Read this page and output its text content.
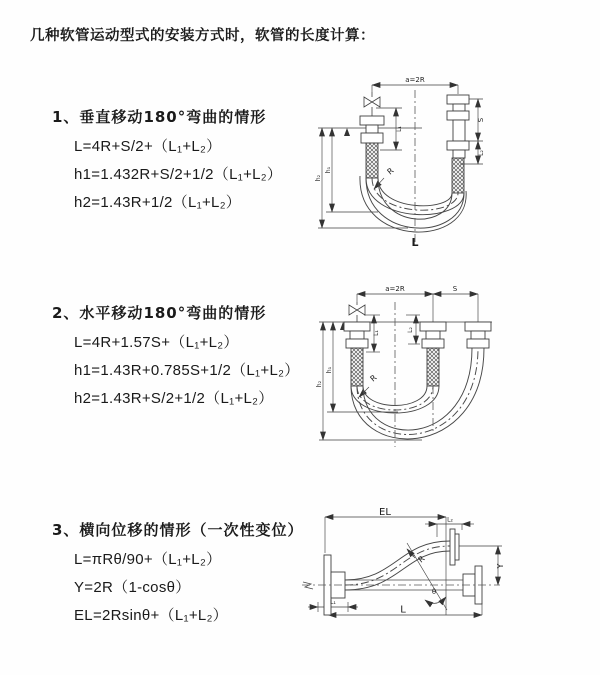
几种软管运动型式的安装方式时，软管的长度计算：
1、垂直移动180°弯曲的情形
L=4R+S/2+（L₁+L₂）
h1=1.432R+S/2+1/2（L₁+L₂）
h2=1.43R+1/2（L₁+L₂）
a=2R
L₁
S
L₂
h₁
h₂
R
L
2、水平移动180°弯曲的情形
L=4R+1.57S+（L₁+L₂）
h1=1.43R+0.785S+1/2（L₁+L₂）
h2=1.43R+S/2+1/2（L₁+L₂）
a=2R	S
L₁
L₂
h₁
h₂
R
3、横向位移的情形（一次性变位）
L=πRθ/90+（L₁+L₂）
Y=2R（1-cosθ）
EL=2Rsinθ+（L₁+L₂）
EL
L₂
Y
L
L₁
θ
R
